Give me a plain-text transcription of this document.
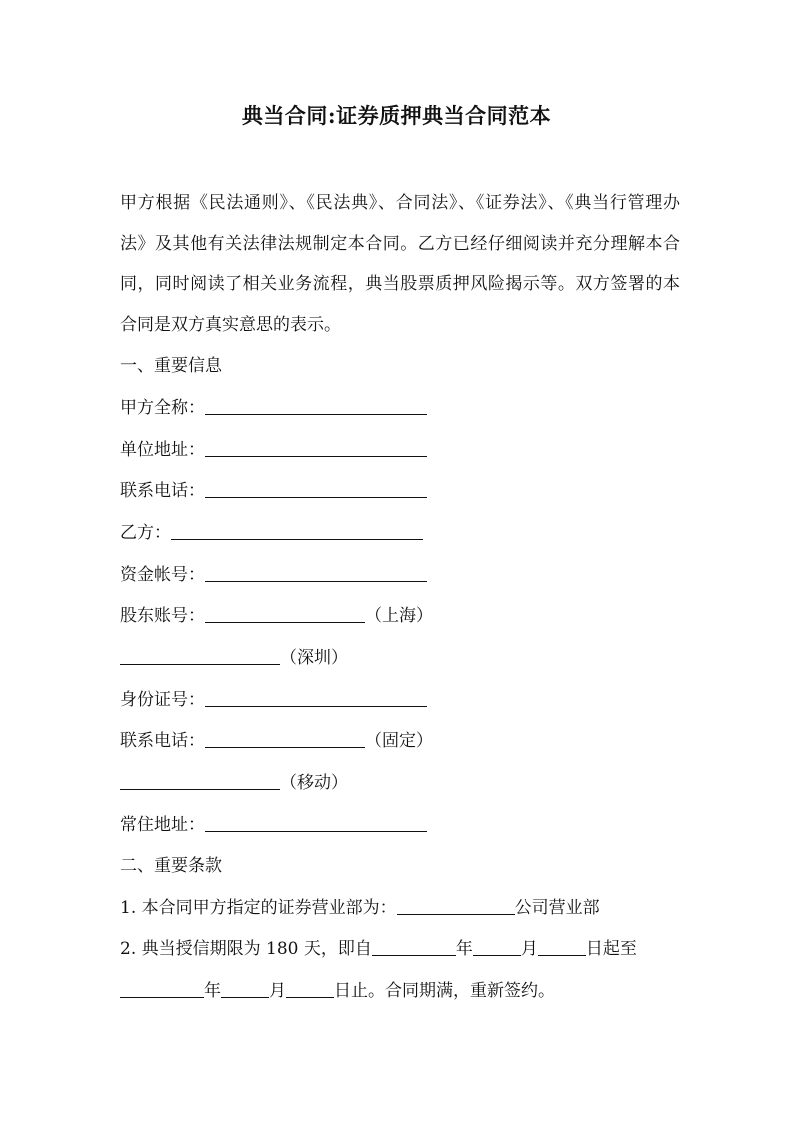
典当合同:证券质押典当合同范本
甲方根据《民法通则》、《民法典》、合同法》、《证券法》、《典当行管理办法》及其他有关法律法规制定本合同。乙方已经仔细阅读并充分理解本合同，同时阅读了相关业务流程，典当股票质押风险揭示等。双方签署的本合同是双方真实意思的表示。
一、重要信息
甲方全称：
单位地址：
联系电话：
乙方：
资金帐号：
股东账号：	（上海）
（深圳）
身份证号：
联系电话：	（固定）
（移动）
常住地址：
二、重要条款
1. 本合同甲方指定的证券营业部为：	公司营业部
2. 典当授信期限为 180 天，即自	年	月	日起至
年	月	日止。合同期满，重新签约。
